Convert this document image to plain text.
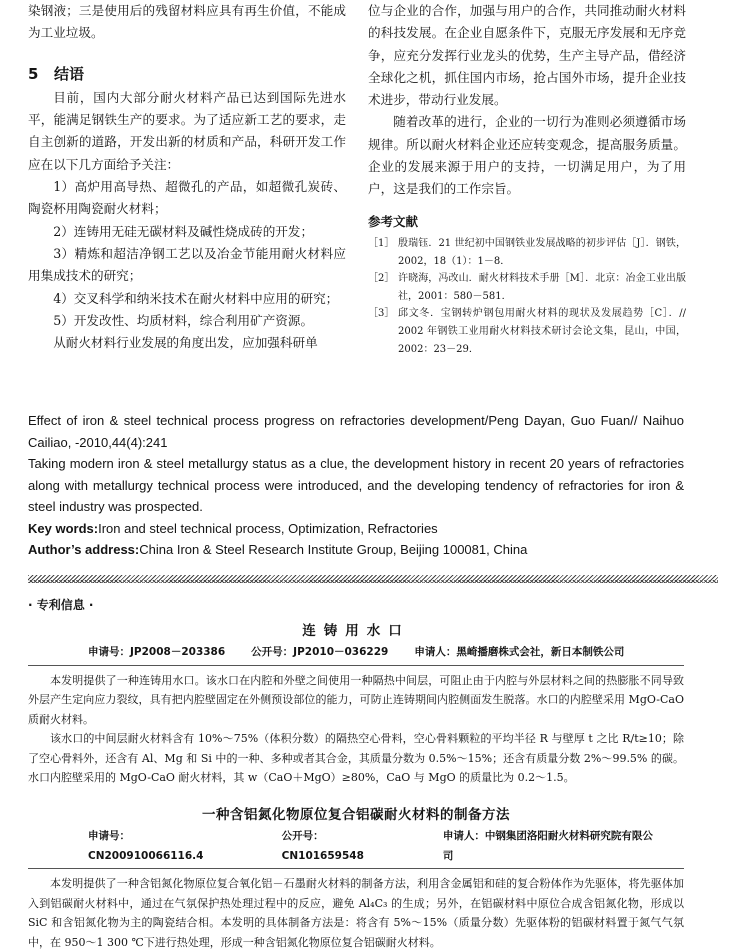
染钢液；三是使用后的残留材料应具有再生价值，不能成为工业垃圾。

5 结语

目前，国内大部分耐火材料产品已达到国际先进水平，能满足钢铁生产的要求。为了适应新工艺的要求，走自主创新的道路，开发出新的材质和产品，科研开发工作应在以下几方面给予关注：

1）高炉用高导热、超微孔的产品，如超微孔炭砖、陶瓷杯用陶瓷耐火材料；

2）连铸用无硅无碳材料及碱性烧成砖的开发；

3）精炼和超洁净钢工艺以及冶金节能用耐火材料应用集成技术的研究；

4）交叉科学和纳米技术在耐火材料中应用的研究；

5）开发改性、均质材料，综合利用矿产资源。

从耐火材料行业发展的角度出发，应加强科研单

位与企业的合作，加强与用户的合作，共同推动耐火材料的科技发展。在企业自愿条件下，克服无序发展和无序竞争，应充分发挥行业龙头的优势，生产主导产品，借经济全球化之机，抓住国内市场，抢占国外市场，提升企业技术进步，带动行业发展。

随着改革的进行，企业的一切行为准则必须遵循市场规律。所以耐火材料企业还应转变观念，提高服务质量。企业的发展来源于用户的支持，一切满足用户，为了用户，这是我们的工作宗旨。

参考文献

［1］ 殷瑞钰．21 世纪初中国钢铁业发展战略的初步评估［J］．钢铁，2002，18（1）：1－8．
［2］ 许晓海，冯改山．耐火材料技术手册［M］．北京：冶金工业出版社，2001：580－581．
［3］ 邱文冬．宝钢转炉钢包用耐火材料的现状及发展趋势［C］．// 2002 年钢铁工业用耐火材料技术研讨会论文集，昆山，中国，2002：23－29．

Effect of iron & steel technical process progress on refractories development/Peng Dayan, Guo Fuan// Naihuo Cailiao, -2010,44(4):241

Taking modern iron & steel metallurgy status as a clue, the development history in recent 20 years of refractories along with metallurgy technical process were introduced, and the developing tendency of refractories for iron & steel industry was prospected.

Key words:Iron and steel technical process, Optimization, Refractories

Author’s address:China Iron & Steel Research Institute Group, Beijing 100081, China

· 专利信息 ·
连铸用水口
申请号：JP2008－203386 公开号：JP2010－036229 申请人：黑崎播磨株式会社，新日本制铁公司

本发明提供了一种连铸用水口。该水口在内腔和外壁之间使用一种隔热中间层，可阻止由于内腔与外层材料之间的热膨胀不同导致外层产生定向应力裂纹，具有把内腔壁固定在外侧预设部位的能力，可防止连铸期间内腔侧面发生脱落。水口的内腔壁采用 MgO-CaO 质耐火材料。

该水口的中间层耐火材料含有 10%～75%（体积分数）的隔热空心骨料，空心骨料颗粒的平均半径 R 与壁厚 t 之比 R/t≥10；除了空心骨料外，还含有 Al、Mg 和 Si 中的一种、多种或者其合金，其质量分数为 0.5%～15%；还含有质量分数 2%～99.5% 的碳。水口内腔壁采用的 MgO-CaO 耐火材料，其 w（CaO＋MgO）≥80%，CaO 与 MgO 的质量比为 0.2～1.5。

一种含铝氮化物原位复合铝碳耐火材料的制备方法
申请号：CN200910066116.4
公开号：CN101659548
申请人：中钢集团洛阳耐火材料研究院有限公司

本发明提供了一种含铝氮化物原位复合氧化铝－石墨耐火材料的制备方法，利用含金属铝和硅的复合粉体作为先驱体，将先驱体加入到铝碳耐火材料中，通过在气氛保护热处理过程中的反应，避免 Al₄C₃ 的生成；另外，在铝碳材料中原位合成含铝氮化物，形成以 SiC 和含铝氮化物为主的陶瓷结合相。本发明的具体制备方法是：将含有 5%～15%（质量分数）先驱体粉的铝碳材料置于氮气气氛中，在 950～1 300 ℃下进行热处理，形成一种含铝氮化物原位复合铝碳耐火材料。
